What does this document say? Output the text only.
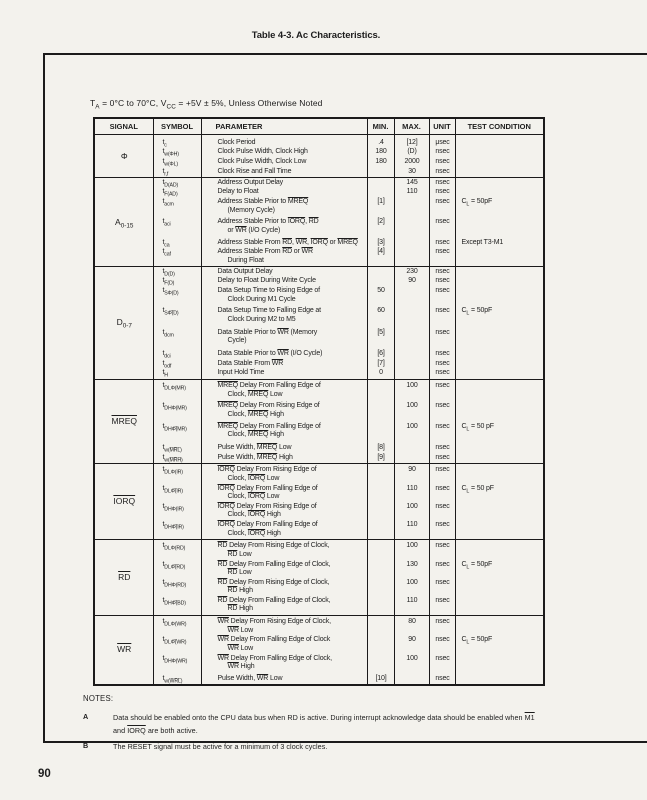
Table 4-3. Ac Characteristics.
$T_A = 0^\circ C$ to 70°C, $V_{CC} = +5V \pm 5\%$, Unless Otherwise Noted
SIGNAL	SYMBOL	PARAMETER	MIN.	MAX.	UNIT	TEST CONDITION
Φ	$t_c$	Clock Period	.4	[12]	μsec	
	$t_{w(\Phi H)}$	Clock Pulse Width, Clock High	180	(D)	nsec	
	$t_{w(\Phi L)}$	Clock Pulse Width, Clock Low	180	2000	nsec	
	$t_{r,f}$	Clock Rise and Fall Time		30	nsec	
$A_{0-15}$	$t_{D(AD)}$	Address Output Delay		145	nsec	
	$t_{F(AD)}$	Delay to Float		110	nsec	
	$t_{acm}$	Address Stable Prior to MREQ
(Memory Cycle)	[1]		nsec	$C_L = 50pF$
	$t_{aci}$	Address Stable Prior to IORQ, $\overline{RD}$
or $\overline{WR}$ (I/O Cycle)	[2]		nsec	
	$t_{ca}$	Address Stable From $\overline{RD}$, $\overline{WR}$, IORQ or MREQ	[3]		nsec	Except T3-M1
	$t_{caf}$	Address Stable From $\overline{RD}$ or $\overline{WR}$
During Float	[4]		nsec	
$D_{0-7}$	$t_{D(D)}$	Data Output Delay		230	nsec	
	$t_{F(D)}$	Delay to Float During Write Cycle		90	nsec	
	$t_{S\Phi(D)}$	Data Setup Time to Rising Edge of
Clock During M1 Cycle	50		nsec	
	$t_{S\Phi̅(D)}$	Data Setup Time to Falling Edge at
Clock During M2 to M5	60		nsec	$C_L = 50pF$
	$t_{dcm}$	Data Stable Prior to $\overline{WR}$ (Memory
Cycle)	[5]		nsec	
	$t_{dci}$	Data Stable Prior to $\overline{WR}$ (I/O Cycle)	[6]		nsec	
	$t_{odf}$	Data Stable From $\overline{WR}$	[7]		nsec	
	$t_H$	Input Hold Time	0		nsec	
MREQ	$t_{DL\Phi(MR)}$	MREQ Delay From Falling Edge of
Clock, MREQ Low		100	nsec	
	$t_{DH\Phi(MR)}$	MREQ Delay From Rising Edge of
Clock, MREQ High		100	nsec	
	$t_{DH\Phi̅(MR)}$	MREQ Delay From Falling Edge of
Clock, MREQ High		100	nsec	$C_L = 50$ pF
	$t_{w(M̅R̅L̅)}$	Pulse Width, MREQ Low	[8]		nsec	
	$t_{w(M̅R̅H̅)}$	Pulse Width, MREQ High	[9]		nsec	
IORQ	$t_{DL\Phi(IR)}$	IORQ Delay From Rising Edge of
Clock, IORQ Low		90	nsec	
	$t_{DL\Phi̅(IR)}$	IORQ Delay From Falling Edge of
Clock, IORQ Low		110	nsec	$C_L = 50$ pF
	$t_{DH\Phi(IR)}$	IORQ Delay From Rising Edge of
Clock, IORQ High		100	nsec	
	$t_{DH\Phi̅(IR)}$	IORQ Delay From Falling Edge of
Clock, IORQ High		110	nsec	
$\overline{RD}$	$t_{DL\Phi(RD)}$	$\overline{RD}$ Delay From Rising Edge of Clock,
$\overline{RD}$ Low		100	nsec	
	$t_{DL\Phi̅(RD)}$	$\overline{RD}$ Delay From Falling Edge of Clock,
$\overline{RD}$ Low		130	nsec	$C_L = 50pF$
	$t_{DH\Phi(RD)}$	$\overline{RD}$ Delay From Rising Edge of Clock,
$\overline{RD}$ High		100	nsec	
	$t_{DH\Phi̅(BD)}$	$\overline{RD}$ Delay From Falling Edge of Clock,
$\overline{RD}$ High		110	nsec	
$\overline{WR}$	$t_{DL\Phi(WR)}$	$\overline{WR}$ Delay From Rising Edge of Clock,
$\overline{WR}$ Low		80	nsec	
	$t_{DL\Phi̅(WR)}$	$\overline{WR}$ Delay From Falling Edge of Clock
$\overline{WR}$ Low		90	nsec	$C_L = 50pF$
	$t_{DH\Phi(WR)}$	$\overline{WR}$ Delay From Falling Edge of Clock,
$\overline{WR}$ High		100	nsec	
	$t_{w(W̅R̅L̅)}$	Pulse Width, $\overline{WR}$ Low	[10]		nsec	
NOTES:
A	Data should be enabled onto the CPU data bus when RD is active. During interrupt acknowledge data should be enabled when M1
and IORQ are both active.
B	The RESET signal must be active for a minimum of 3 clock cycles.
90
